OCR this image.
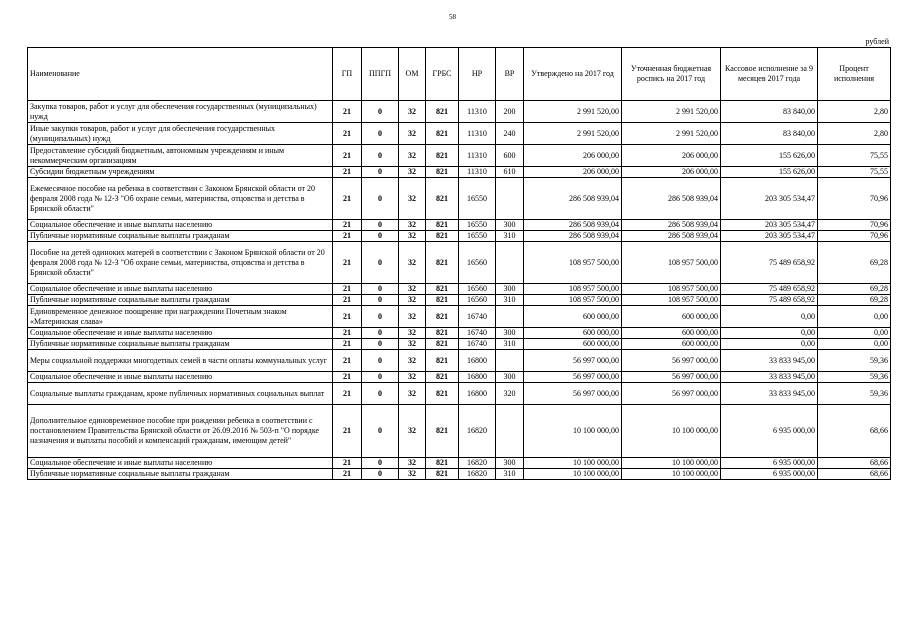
58
рублей
Наименование	ГП	ППГП	ОМ	ГРБС	НР	ВР	Утверждено на 2017 год	Уточненная бюджетная роспись на 2017 год	Кассовое исполнение за 9 месяцев 2017 года	Процент исполнения
Закупка товаров, работ и услуг для обеспечения государственных (муниципальных) нужд	21	0	32	821	11310	200	2 991 520,00	2 991 520,00	83 840,00	2,80
Иные закупки товаров, работ и услуг для обеспечения государственных (муниципальных) нужд	21	0	32	821	11310	240	2 991 520,00	2 991 520,00	83 840,00	2,80
Предоставление субсидий бюджетным, автономным учреждениям и иным некоммерческим организациям	21	0	32	821	11310	600	206 000,00	206 000,00	155 626,00	75,55
Субсидии бюджетным учреждениям	21	0	32	821	11310	610	206 000,00	206 000,00	155 626,00	75,55
Ежемесячное пособие на ребенка в соответствии с Законом Брянской области от 20 февраля 2008 года № 12-З "Об охране семьи, материнства, отцовства и детства в Брянской области"	21	0	32	821	16550		286 508 939,04	286 508 939,04	203 305 534,47	70,96
Социальное обеспечение и иные выплаты населению	21	0	32	821	16550	300	286 508 939,04	286 508 939,04	203 305 534,47	70,96
Публичные нормативные социальные выплаты гражданам	21	0	32	821	16550	310	286 508 939,04	286 508 939,04	203 305 534,47	70,96
Пособие на детей одиноких матерей в соответствии с Законом Брянской области от 20 февраля 2008 года № 12-З "Об охране семьи, материнства, отцовства и детства в Брянской области"	21	0	32	821	16560		108 957 500,00	108 957 500,00	75 489 658,92	69,28
Социальное обеспечение и иные выплаты населению	21	0	32	821	16560	300	108 957 500,00	108 957 500,00	75 489 658,92	69,28
Публичные нормативные социальные выплаты гражданам	21	0	32	821	16560	310	108 957 500,00	108 957 500,00	75 489 658,92	69,28
Единовременное денежное поощрение при награждении Почетным знаком «Материнская слава»	21	0	32	821	16740		600 000,00	600 000,00	0,00	0,00
Социальное обеспечение и иные выплаты населению	21	0	32	821	16740	300	600 000,00	600 000,00	0,00	0,00
Публичные нормативные социальные выплаты гражданам	21	0	32	821	16740	310	600 000,00	600 000,00	0,00	0,00
Меры социальной поддержки многодетных семей в части оплаты коммунальных услуг	21	0	32	821	16800		56 997 000,00	56 997 000,00	33 833 945,00	59,36
Социальное обеспечение и иные выплаты населению	21	0	32	821	16800	300	56 997 000,00	56 997 000,00	33 833 945,00	59,36
Социальные выплаты гражданам, кроме публичных нормативных социальных выплат	21	0	32	821	16800	320	56 997 000,00	56 997 000,00	33 833 945,00	59,36
Дополнительное единовременное пособие при рождении ребенка в соответствии с постановлением Правительства Брянской области от 26.09.2016 № 503-п "О порядке назначения и выплаты пособий и компенсаций гражданам, имеющим детей"	21	0	32	821	16820		10 100 000,00	10 100 000,00	6 935 000,00	68,66
Социальное обеспечение и иные выплаты населению	21	0	32	821	16820	300	10 100 000,00	10 100 000,00	6 935 000,00	68,66
Публичные нормативные социальные выплаты гражданам	21	0	32	821	16820	310	10 100 000,00	10 100 000,00	6 935 000,00	68,66
